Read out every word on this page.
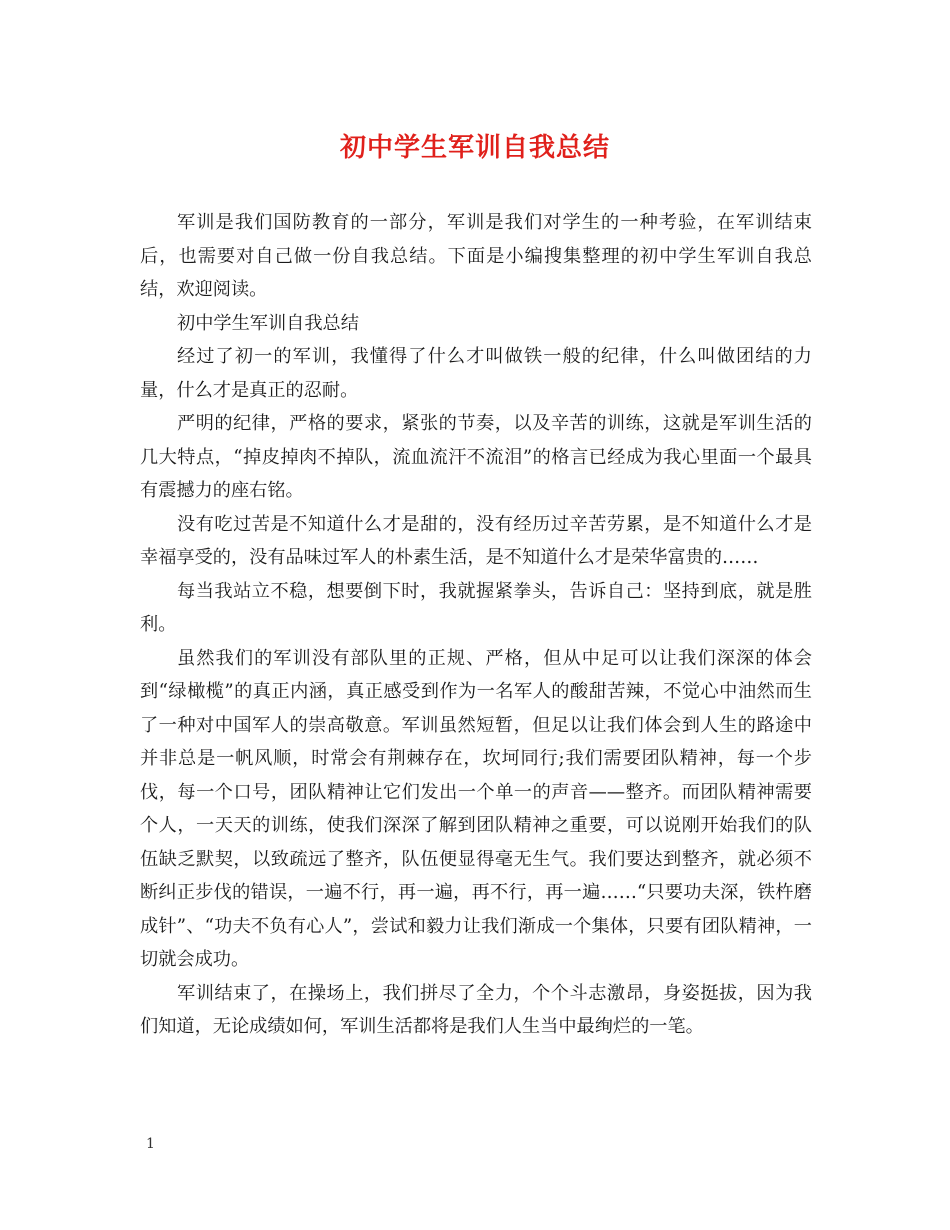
初中学生军训自我总结

军训是我们国防教育的一部分，军训是我们对学生的一种考验，在军训结束后，也需要对自己做一份自我总结。下面是小编搜集整理的初中学生军训自我总结，欢迎阅读。

初中学生军训自我总结

经过了初一的军训，我懂得了什么才叫做铁一般的纪律，什么叫做团结的力量，什么才是真正的忍耐。

严明的纪律，严格的要求，紧张的节奏，以及辛苦的训练，这就是军训生活的几大特点，“掉皮掉肉不掉队，流血流汗不流泪”的格言已经成为我心里面一个最具有震撼力的座右铭。

没有吃过苦是不知道什么才是甜的，没有经历过辛苦劳累，是不知道什么才是幸福享受的，没有品味过军人的朴素生活，是不知道什么才是荣华富贵的……

每当我站立不稳，想要倒下时，我就握紧拳头，告诉自己：坚持到底，就是胜利。

虽然我们的军训没有部队里的正规、严格，但从中足可以让我们深深的体会到“绿橄榄”的真正内涵，真正感受到作为一名军人的酸甜苦辣，不觉心中油然而生了一种对中国军人的崇高敬意。军训虽然短暂，但足以让我们体会到人生的路途中并非总是一帆风顺，时常会有荆棘存在，坎坷同行;我们需要团队精神，每一个步伐，每一个口号，团队精神让它们发出一个单一的声音——整齐。而团队精神需要个人，一天天的训练，使我们深深了解到团队精神之重要，可以说刚开始我们的队伍缺乏默契，以致疏远了整齐，队伍便显得毫无生气。我们要达到整齐，就必须不断纠正步伐的错误，一遍不行，再一遍，再不行，再一遍……“只要功夫深，铁杵磨成针”、“功夫不负有心人”，尝试和毅力让我们渐成一个集体，只要有团队精神，一切就会成功。

军训结束了，在操场上，我们拼尽了全力，个个斗志激昂，身姿挺拔，因为我们知道，无论成绩如何，军训生活都将是我们人生当中最绚烂的一笔。

1
